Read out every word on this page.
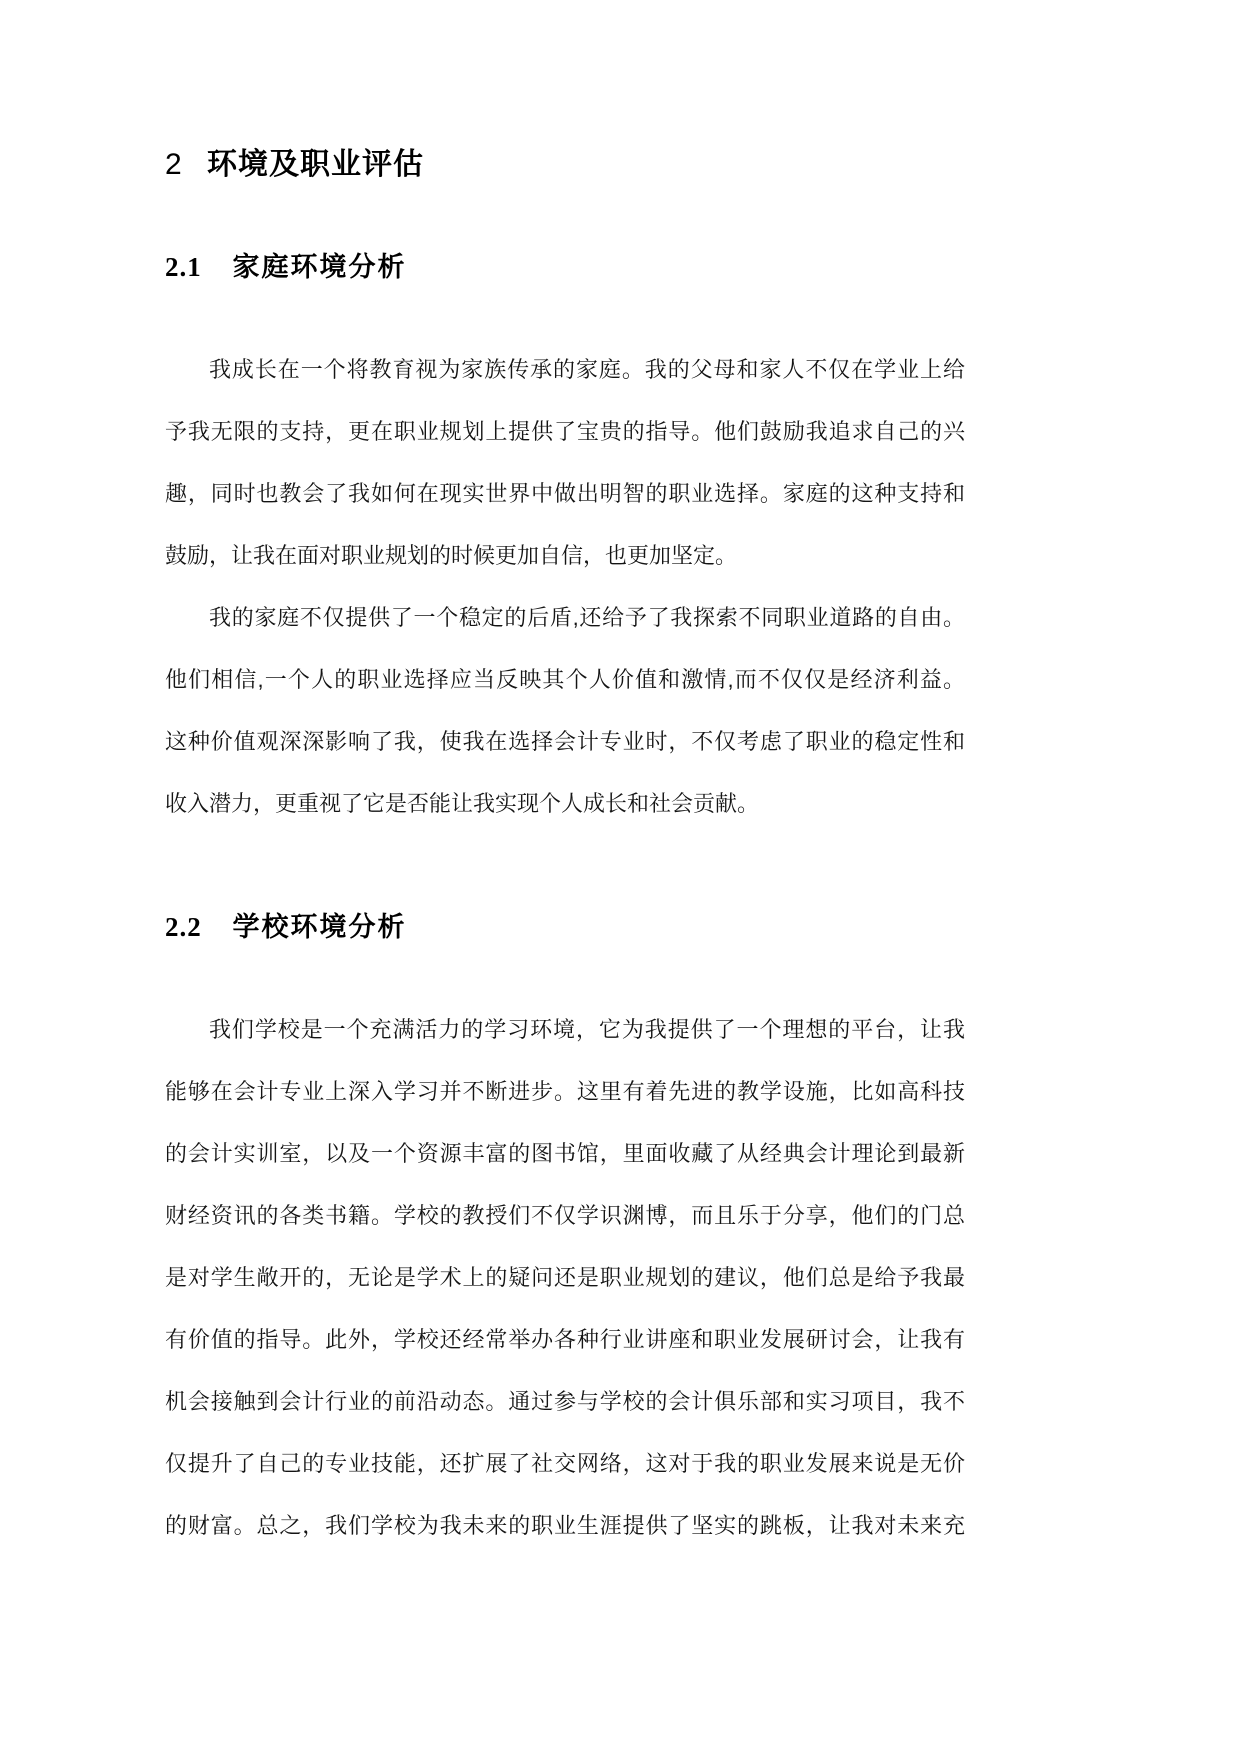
2 环境及职业评估
2.1 家庭环境分析
我成长在一个将教育视为家族传承的家庭。我的父母和家人不仅在学业上给
予我无限的支持，更在职业规划上提供了宝贵的指导。他们鼓励我追求自己的兴
趣，同时也教会了我如何在现实世界中做出明智的职业选择。家庭的这种支持和
鼓励，让我在面对职业规划的时候更加自信，也更加坚定。
我的家庭不仅提供了一个稳定的后盾,还给予了我探索不同职业道路的自由。
他们相信,一个人的职业选择应当反映其个人价值和激情,而不仅仅是经济利益。
这种价值观深深影响了我，使我在选择会计专业时，不仅考虑了职业的稳定性和
收入潜力，更重视了它是否能让我实现个人成长和社会贡献。
2.2 学校环境分析
我们学校是一个充满活力的学习环境，它为我提供了一个理想的平台，让我
能够在会计专业上深入学习并不断进步。这里有着先进的教学设施，比如高科技
的会计实训室，以及一个资源丰富的图书馆，里面收藏了从经典会计理论到最新
财经资讯的各类书籍。学校的教授们不仅学识渊博，而且乐于分享，他们的门总
是对学生敞开的，无论是学术上的疑问还是职业规划的建议，他们总是给予我最
有价值的指导。此外，学校还经常举办各种行业讲座和职业发展研讨会，让我有
机会接触到会计行业的前沿动态。通过参与学校的会计俱乐部和实习项目，我不
仅提升了自己的专业技能，还扩展了社交网络，这对于我的职业发展来说是无价
的财富。总之，我们学校为我未来的职业生涯提供了坚实的跳板，让我对未来充
